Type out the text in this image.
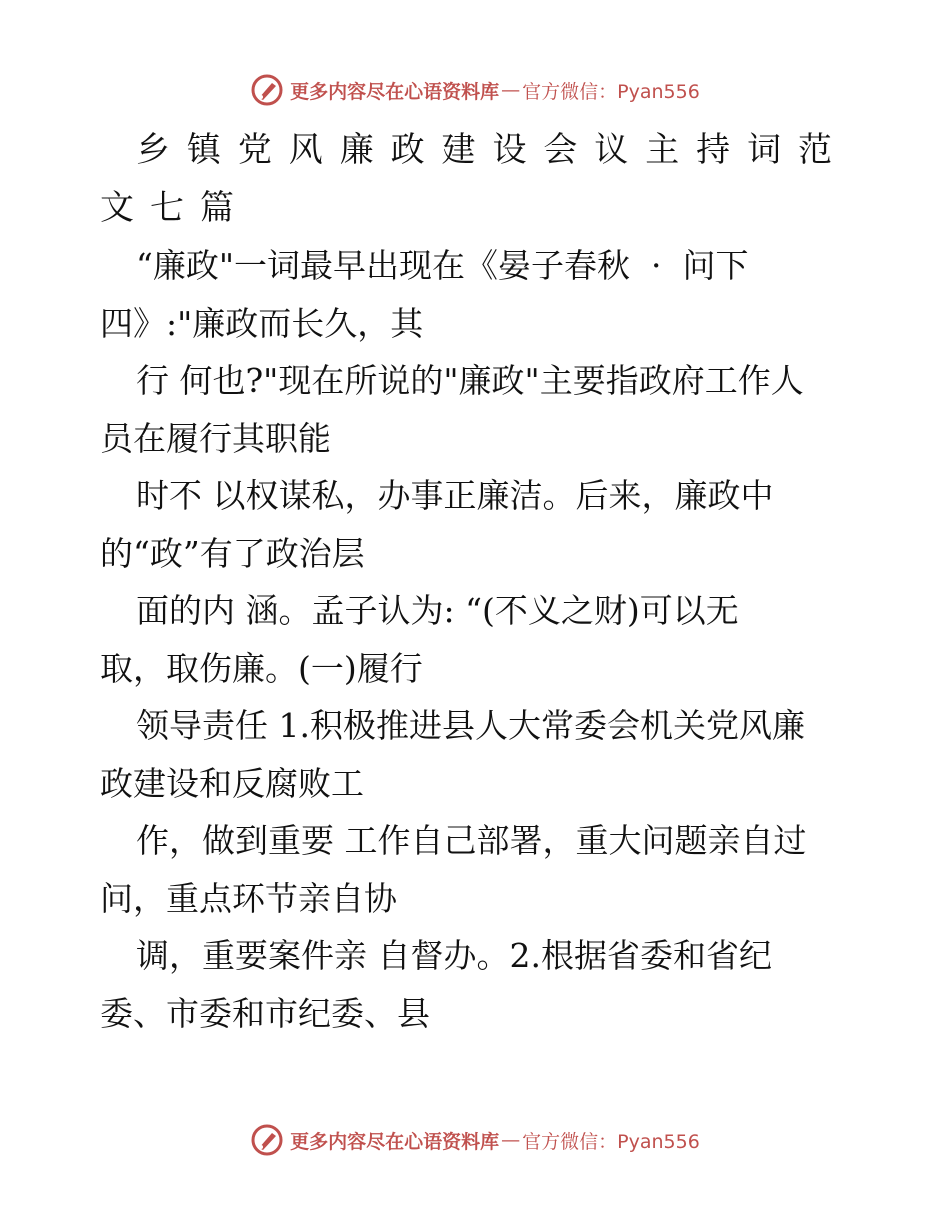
更多内容尽在心语资料库 — 官方微信：Pyan556
乡 镇 党 风 廉 政 建 设 会 议 主 持 词 范
文七篇
“廉政"一词最早出现在《晏子春秋  ·  问下
四》:"廉政而长久，其
行 何也?"现在所说的"廉政"主要指政府工作人
员在履行其职能
时不 以权谋私，办事正廉洁。后来，廉政中
的“政”有了政治层
面的内 涵。孟子认为: “(不义之财)可以无
取，取伤廉。(一)履行
领导责任 1.积极推进县人大常委会机关党风廉
政建设和反腐败工
作，做到重要 工作自己部署，重大问题亲自过
问，重点环节亲自协
调，重要案件亲 自督办。2.根据省委和省纪
委、市委和市纪委、县
更多内容尽在心语资料库 — 官方微信：Pyan556
